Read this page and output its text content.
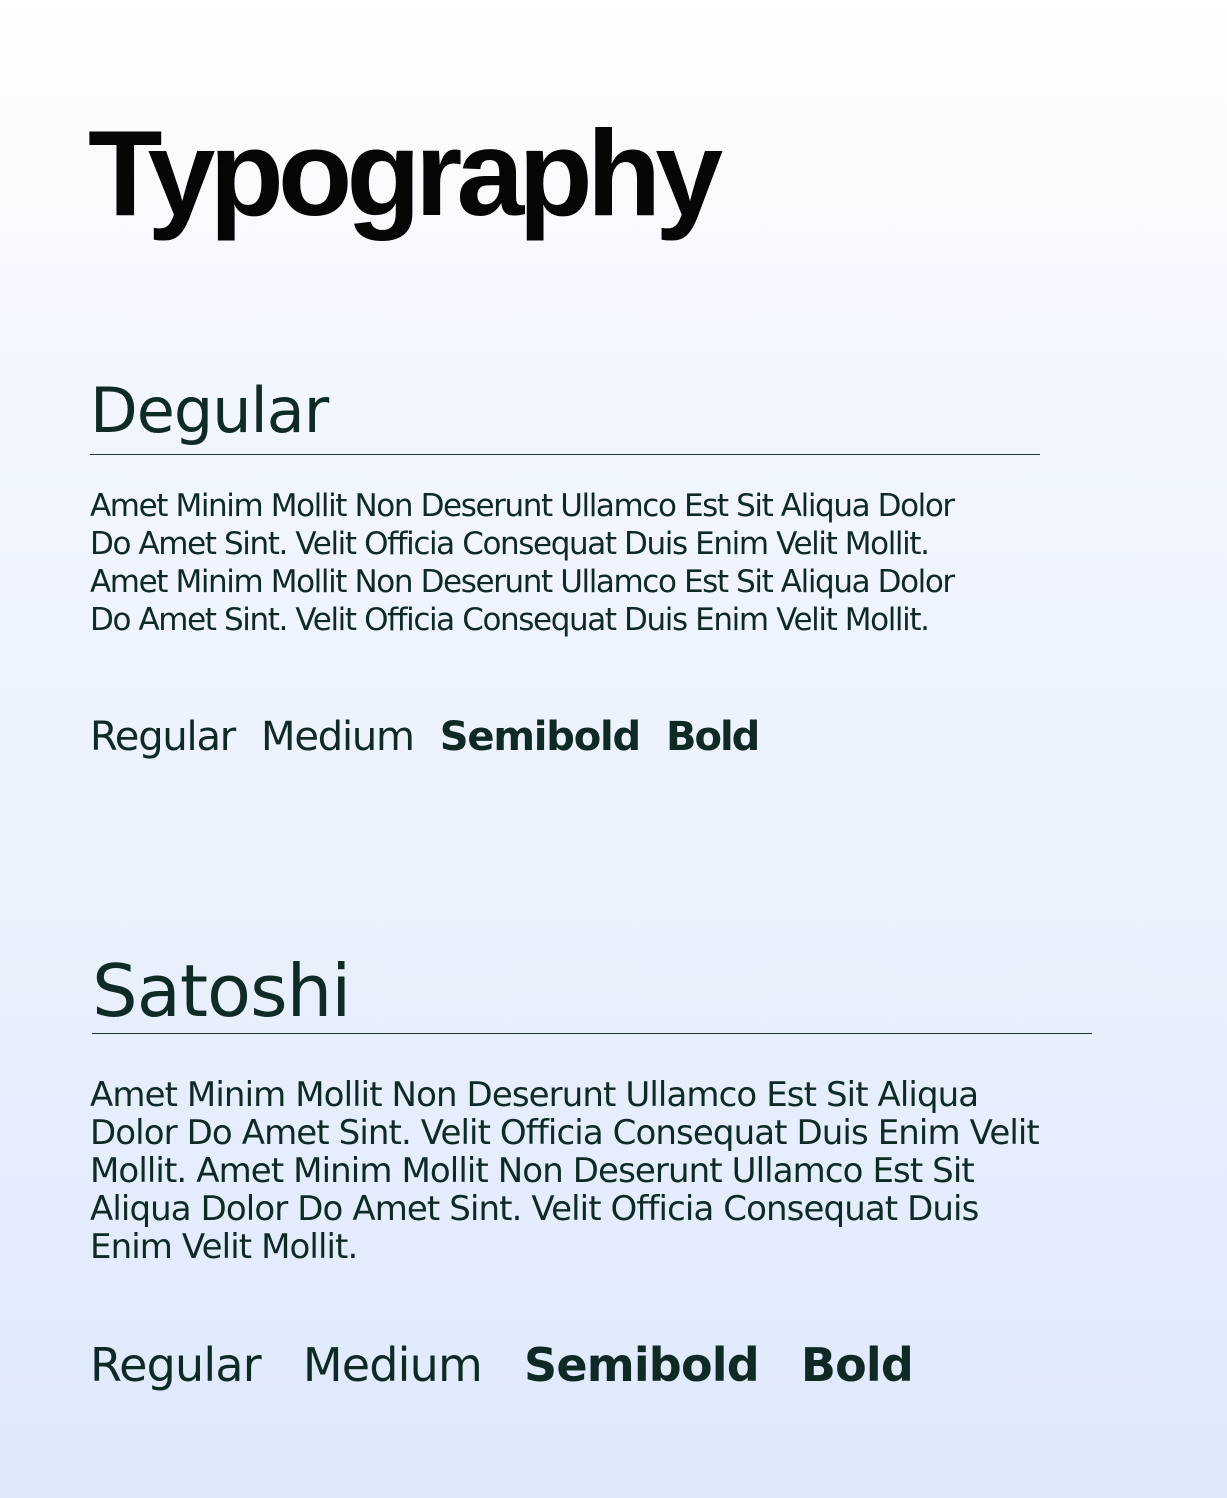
Typography
Degular

Amet Minim Mollit Non Deserunt Ullamco Est Sit Aliqua Dolor Do Amet Sint. Velit Officia Consequat Duis Enim Velit Mollit. Amet Minim Mollit Non Deserunt Ullamco Est Sit Aliqua Dolor Do Amet Sint. Velit Officia Consequat Duis Enim Velit Mollit.

Regular Medium Semibold Bold
Satoshi

Amet Minim Mollit Non Deserunt Ullamco Est Sit Aliqua Dolor Do Amet Sint. Velit Officia Consequat Duis Enim Velit Mollit. Amet Minim Mollit Non Deserunt Ullamco Est Sit Aliqua Dolor Do Amet Sint. Velit Officia Consequat Duis Enim Velit Mollit.

Regular Medium Semibold Bold
